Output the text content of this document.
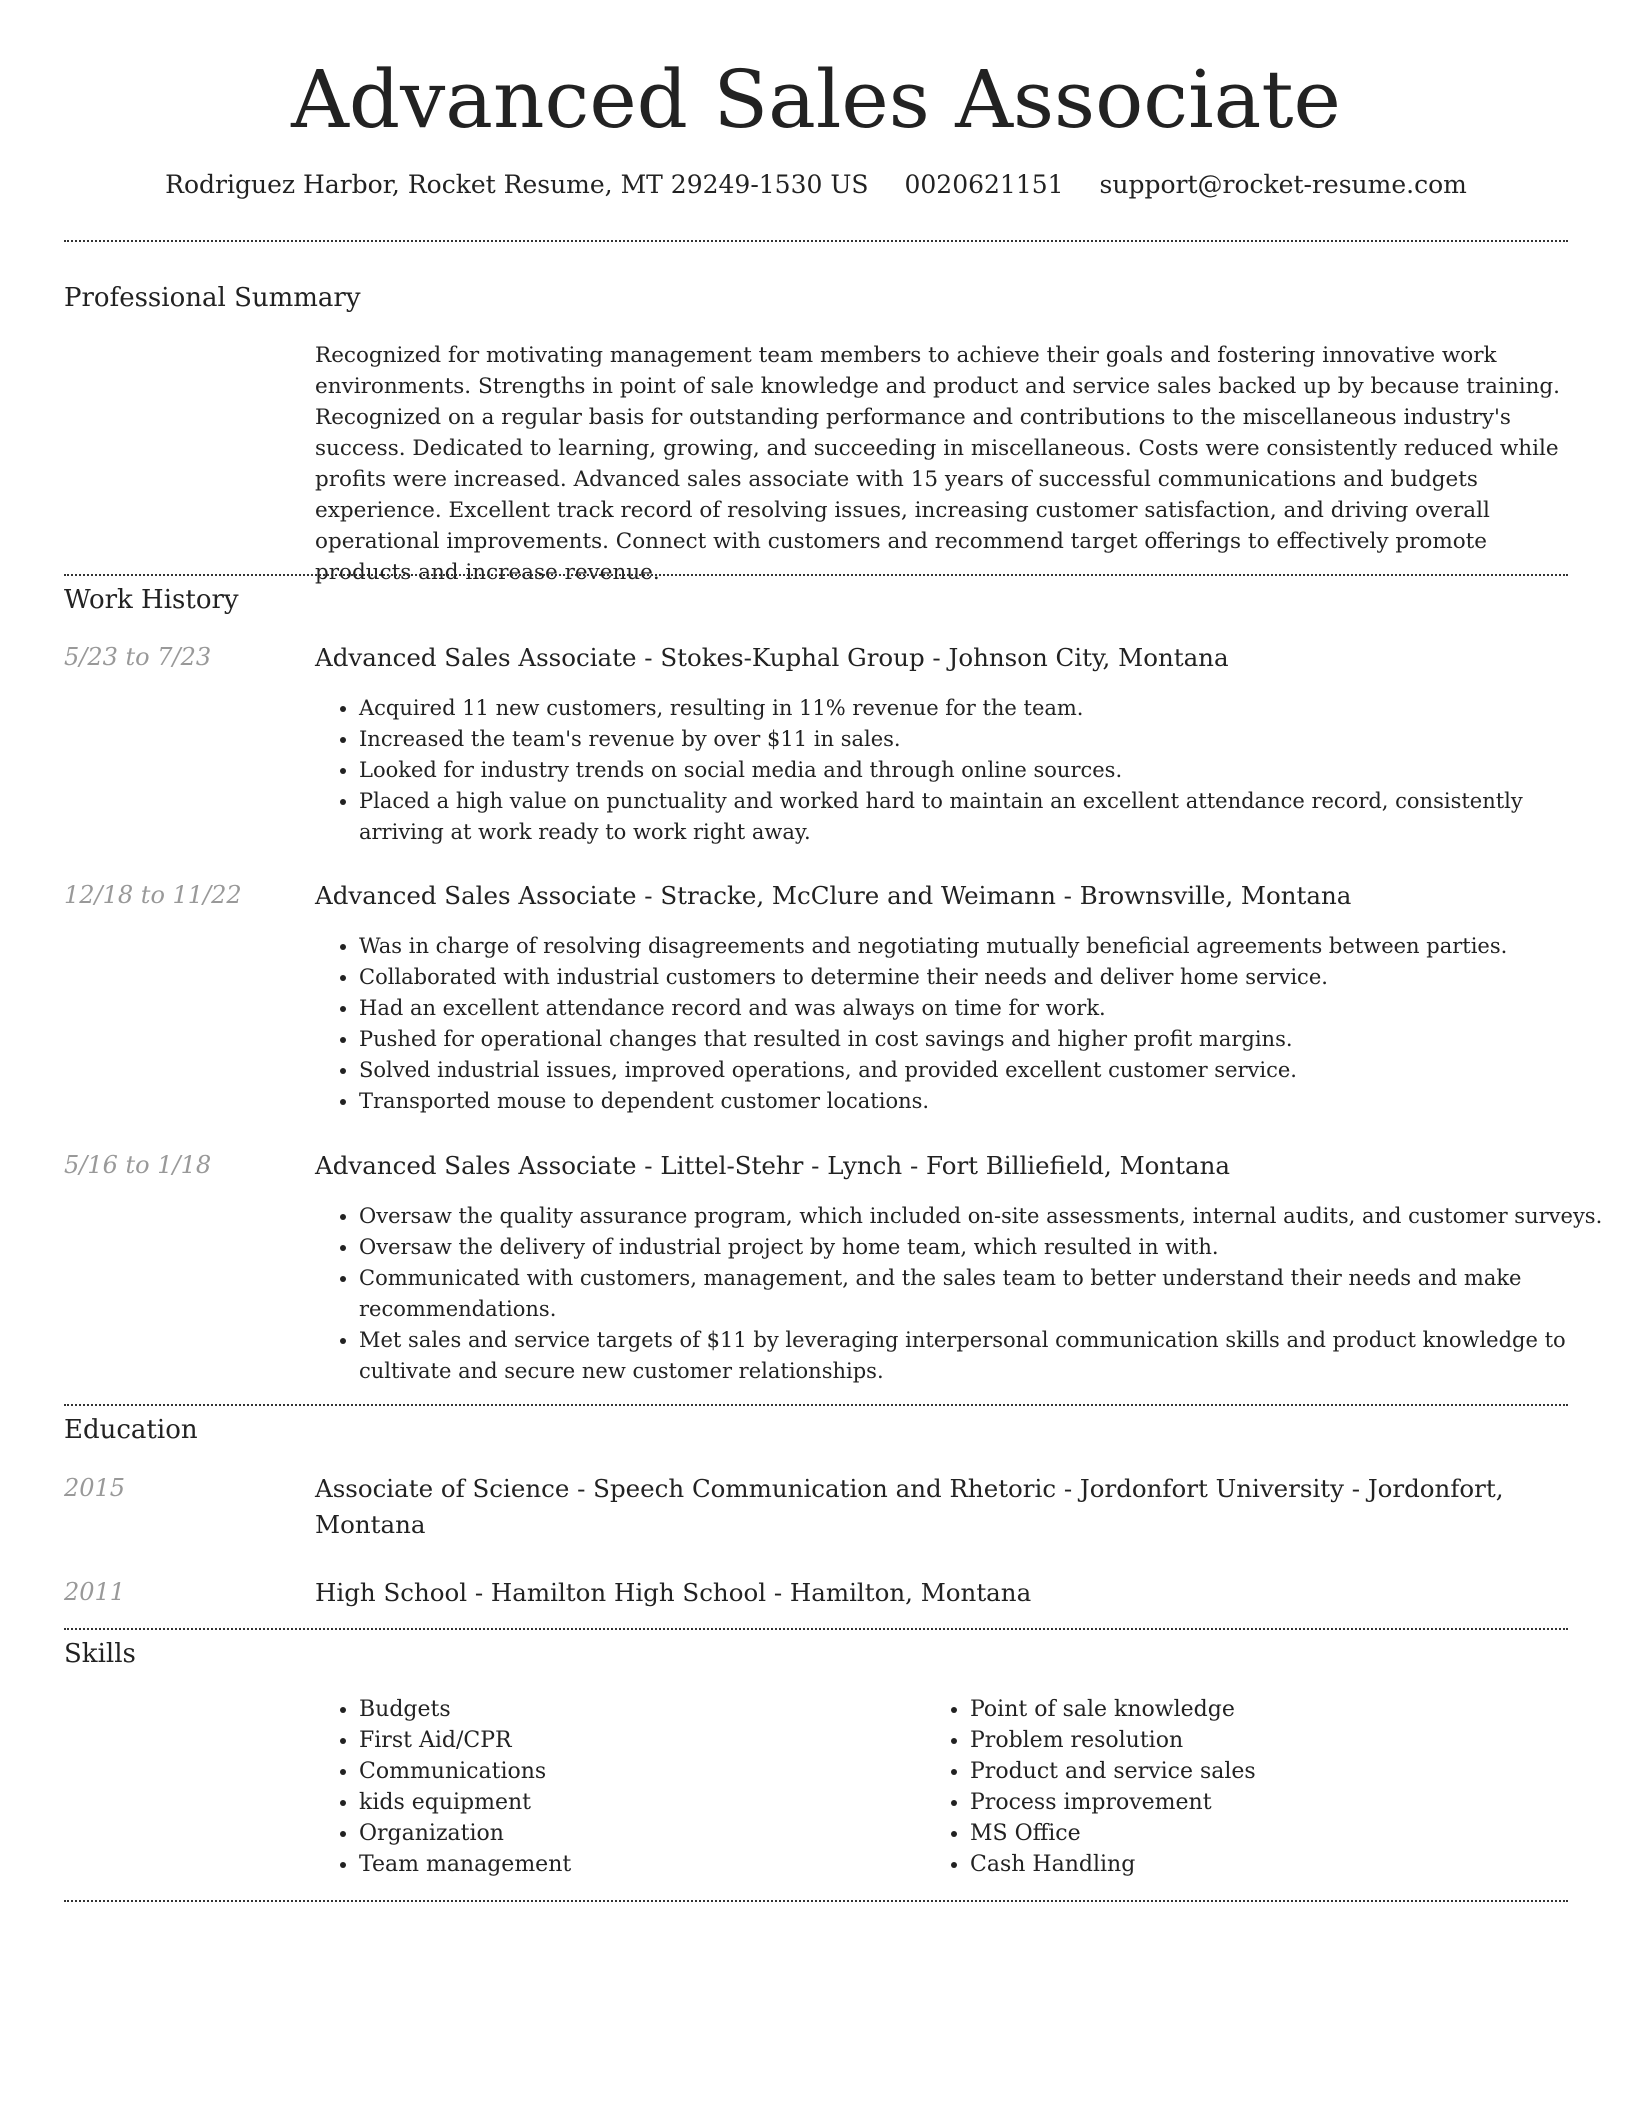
Advanced Sales Associate
Rodriguez Harbor, Rocket Resume, MT 29249-1530 US 0020621151 support@rocket-resume.com
Professional Summary
Recognized for motivating management team members to achieve their goals and fostering innovative work environments. Strengths in point of sale knowledge and product and service sales backed up by because training. Recognized on a regular basis for outstanding performance and contributions to the miscellaneous industry's success. Dedicated to learning, growing, and succeeding in miscellaneous. Costs were consistently reduced while profits were increased. Advanced sales associate with 15 years of successful communications and budgets experience. Excellent track record of resolving issues, increasing customer satisfaction, and driving overall operational improvements. Connect with customers and recommend target offerings to effectively promote products and increase revenue.
Work History
5/23 to 7/23	Advanced Sales Associate - Stokes-Kuphal Group - Johnson City, Montana
• Acquired 11 new customers, resulting in 11% revenue for the team.
• Increased the team's revenue by over $11 in sales.
• Looked for industry trends on social media and through online sources.
• Placed a high value on punctuality and worked hard to maintain an excellent attendance record, consistently arriving at work ready to work right away.
12/18 to 11/22	Advanced Sales Associate - Stracke, McClure and Weimann - Brownsville, Montana
• Was in charge of resolving disagreements and negotiating mutually beneficial agreements between parties.
• Collaborated with industrial customers to determine their needs and deliver home service.
• Had an excellent attendance record and was always on time for work.
• Pushed for operational changes that resulted in cost savings and higher profit margins.
• Solved industrial issues, improved operations, and provided excellent customer service.
• Transported mouse to dependent customer locations.
5/16 to 1/18	Advanced Sales Associate - Littel-Stehr - Lynch - Fort Billiefield, Montana
• Oversaw the quality assurance program, which included on-site assessments, internal audits, and customer surveys.
• Oversaw the delivery of industrial project by home team, which resulted in with.
• Communicated with customers, management, and the sales team to better understand their needs and make recommendations.
• Met sales and service targets of $11 by leveraging interpersonal communication skills and product knowledge to cultivate and secure new customer relationships.
Education
2015	Associate of Science - Speech Communication and Rhetoric - Jordonfort University - Jordonfort, Montana
2011	High School - Hamilton High School - Hamilton, Montana
Skills
• Budgets
• First Aid/CPR
• Communications
• kids equipment
• Organization
• Team management
• Point of sale knowledge
• Problem resolution
• Product and service sales
• Process improvement
• MS Office
• Cash Handling
